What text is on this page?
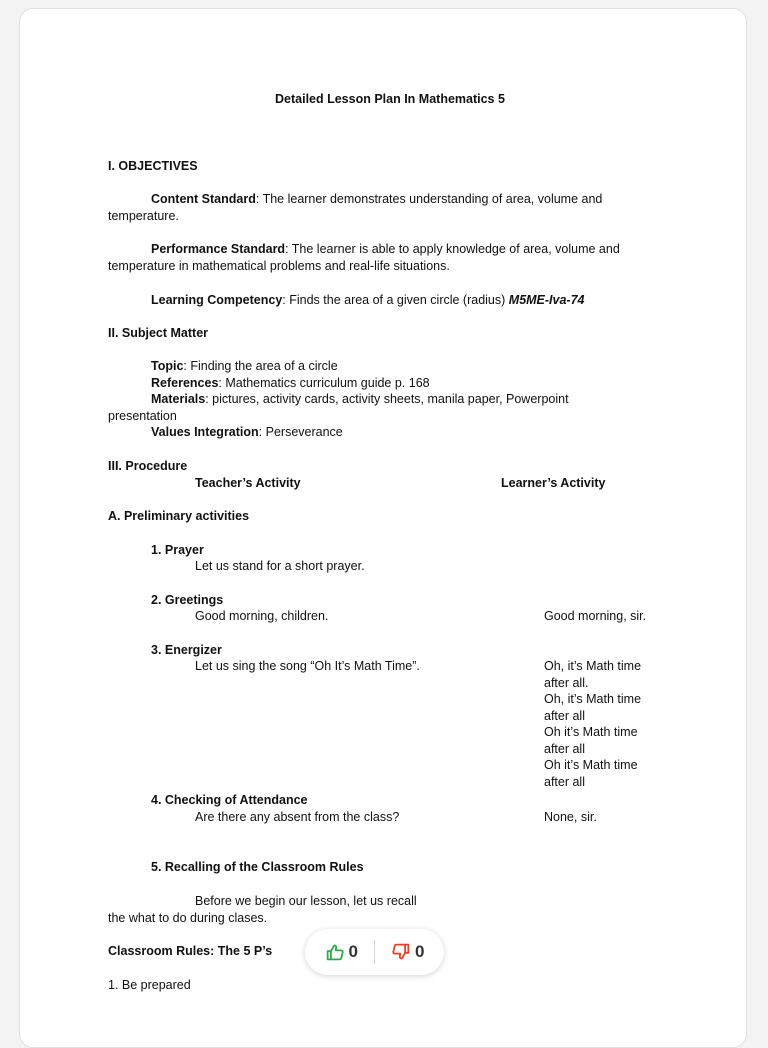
Detailed Lesson Plan In Mathematics 5
I. OBJECTIVES

Content Standard: The learner demonstrates understanding of area, volume and

temperature.

Performance Standard: The learner is able to apply knowledge of area, volume and

temperature in mathematical problems and real-life situations.

Learning Competency: Finds the area of a given circle (radius) M5ME-Iva-74

II. Subject Matter

Topic: Finding the area of a circle

References: Mathematics curriculum guide p. 168

Materials: pictures, activity cards, activity sheets, manila paper, Powerpoint

presentation

Values Integration: Perseverance

III. Procedure
Teacher’s Activity	Learner’s Activity
A. Preliminary activities
1. Prayer
Let us stand for a short prayer.
2. Greetings
Good morning, children.	Good morning, sir.
3. Energizer
Let us sing the song “Oh It’s Math Time”.	Oh, it’s Math time
after all.
Oh, it’s Math time
after all
Oh it’s Math time
after all
Oh it’s Math time
after all
4. Checking of Attendance
Are there any absent from the class?	None, sir.
5. Recalling of the Classroom Rules
Before we begin our lesson, let us recall
the what to do during clases.
Classroom Rules: The 5 P’s
1. Be prepared
0	0
